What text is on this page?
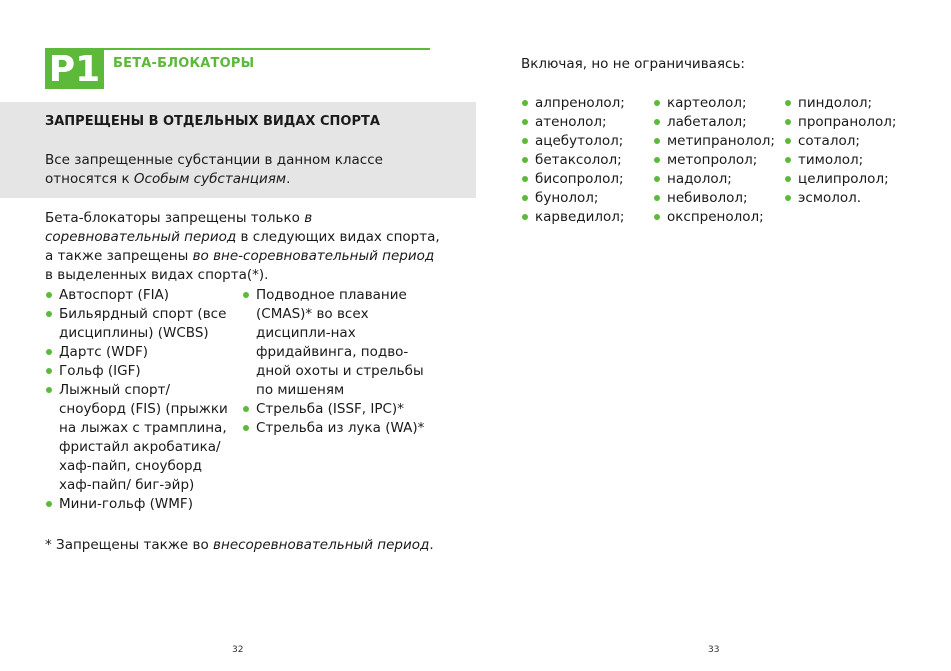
P1 БЕТА-БЛОКАТОРЫ
ЗАПРЕЩЕНЫ В ОТДЕЛЬНЫХ ВИДАХ СПОРТА
Все запрещенные субстанции в данном классе относятся к Особым субстанциям.
Бета-блокаторы запрещены только в соревновательный период в следующих видах спорта, а также запрещены во вне-соревновательный период в выделенных видах спорта(*).
Автоспорт (FIA)
Бильярдный спорт (все дисциплины) (WCBS)
Дартс (WDF)
Гольф (IGF)
Лыжный спорт/сноуборд (FIS) (прыжки на лыжах с трамплина, фристайл акробатика/хаф-пайп, сноуборд хаф-пайп/ биг-эйр)
Мини-гольф (WMF)
Подводное плавание (CMAS)* во всех дисципли-нах фридайвинга, подво-дной охоты и стрельбы по мишеням
Стрельба (ISSF, IPC)*
Стрельба из лука (WA)*
* Запрещены также во внесоревновательный период.
32
Включая, но не ограничиваясь:
алпренолол;
атенолол;
ацебутолол;
бетаксолол;
бисопролол;
бунолол;
карведилол;
картеолол;
лабеталол;
метипранолол;
метопролол;
надолол;
небиволол;
окспренолол;
пиндолол;
пропранолол;
соталол;
тимолол;
целипролол;
эсмолол.
33
